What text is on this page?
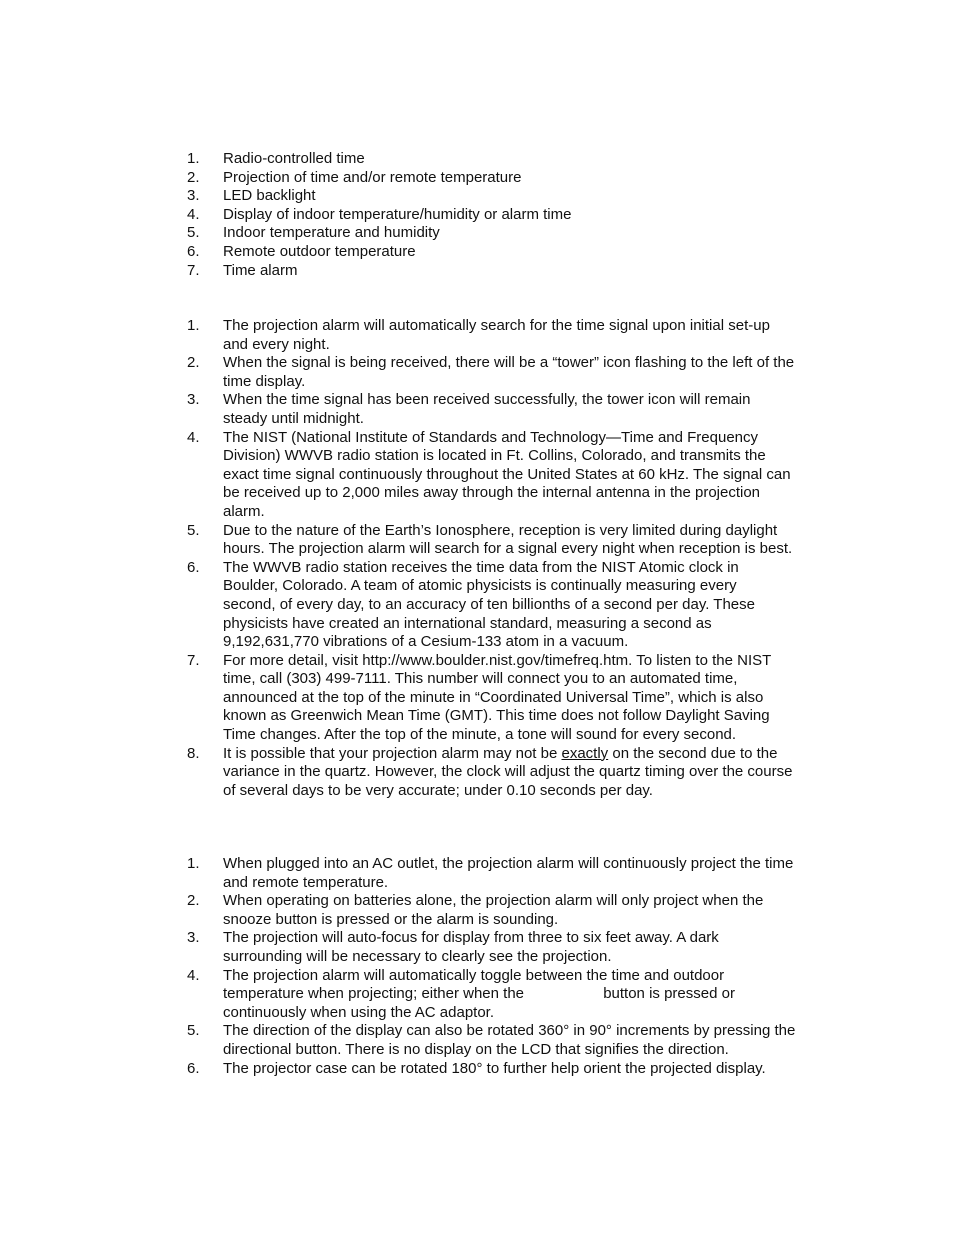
1.	Radio-controlled time
2.	Projection of time and/or remote temperature
3.	LED backlight
4.	Display of indoor temperature/humidity or alarm time
5.	Indoor temperature and humidity
6.	Remote outdoor temperature
7.	Time alarm
1.	The projection alarm will automatically search for the time signal upon initial set-up
and every night.
2.	When the signal is being received, there will be a “tower” icon flashing to the left of the
time display.
3.	When the time signal has been received successfully, the tower icon will remain
steady until midnight.
4.	The NIST (National Institute of Standards and Technology—Time and Frequency
Division) WWVB radio station is located in Ft. Collins, Colorado, and transmits the
exact time signal continuously throughout the United States at 60 kHz. The signal can
be received up to 2,000 miles away through the internal antenna in the projection
alarm.
5.	Due to the nature of the Earth’s Ionosphere, reception is very limited during daylight
hours. The projection alarm will search for a signal every night when reception is best.
6.	The WWVB radio station receives the time data from the NIST Atomic clock in
Boulder, Colorado. A team of atomic physicists is continually measuring every
second, of every day, to an accuracy of ten billionths of a second per day. These
physicists have created an international standard, measuring a second as
9,192,631,770 vibrations of a Cesium-133 atom in a vacuum.
7.	For more detail, visit http://www.boulder.nist.gov/timefreq.htm. To listen to the NIST
time, call (303) 499-7111. This number will connect you to an automated time,
announced at the top of the minute in “Coordinated Universal Time”, which is also
known as Greenwich Mean Time (GMT). This time does not follow Daylight Saving
Time changes. After the top of the minute, a tone will sound for every second.
8.	It is possible that your projection alarm may not be exactly on the second due to the
variance in the quartz. However, the clock will adjust the quartz timing over the course
of several days to be very accurate; under 0.10 seconds per day.
1.	When plugged into an AC outlet, the projection alarm will continuously project the time
and remote temperature.
2.	When operating on batteries alone, the projection alarm will only project when the
snooze button is pressed or the alarm is sounding.
3.	The projection will auto-focus for display from three to six feet away. A dark
surrounding will be necessary to clearly see the projection.
4.	The projection alarm will automatically toggle between the time and outdoor
temperature when projecting; either when the                   button is pressed or
continuously when using the AC adaptor.
5.	The direction of the display can also be rotated 360° in 90° increments by pressing the
directional button. There is no display on the LCD that signifies the direction.
6.	The projector case can be rotated 180° to further help orient the projected display.
